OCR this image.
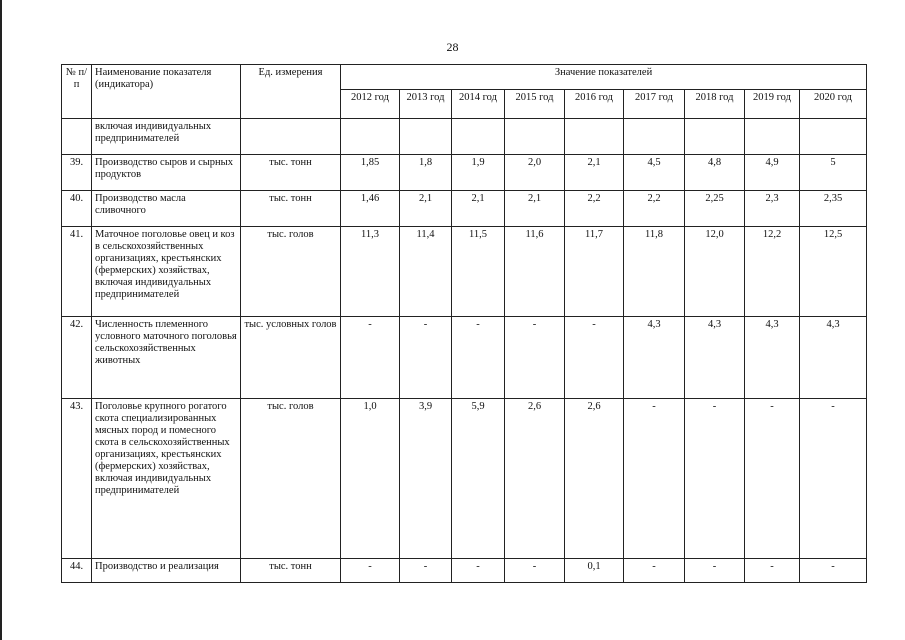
28
№ п/п	Наименование показателя (индикатора)	Ед. измерения	Значение показателей								
			2012 год	2013 год	2014 год	2015 год	2016 год	2017 год	2018 год	2019 год	2020 год
	включая индивидуальных предпринимателей										
39.	Производство сыров и сырных продуктов	тыс. тонн	1,85	1,8	1,9	2,0	2,1	4,5	4,8	4,9	5
40.	Производство масла сливочного	тыс. тонн	1,46	2,1	2,1	2,1	2,2	2,2	2,25	2,3	2,35
41.	Маточное поголовье овец и коз в сельскохозяйственных организациях, крестьянских (фермерских) хозяйствах, включая индивидуальных предпринимателей	тыс. голов	11,3	11,4	11,5	11,6	11,7	11,8	12,0	12,2	12,5
42.	Численность племенного условного маточного поголовья сельскохозяйственных животных	тыс. условных голов	-	-	-	-	-	4,3	4,3	4,3	4,3
43.	Поголовье крупного рогатого скота специализированных мясных пород и помесного скота в сельскохозяйственных организациях, крестьянских (фермерских) хозяйствах, включая индивидуальных предпринимателей	тыс. голов	1,0	3,9	5,9	2,6	2,6	-	-	-	-
44.	Производство и реализация	тыс. тонн	-	-	-	-	0,1	-	-	-	-
